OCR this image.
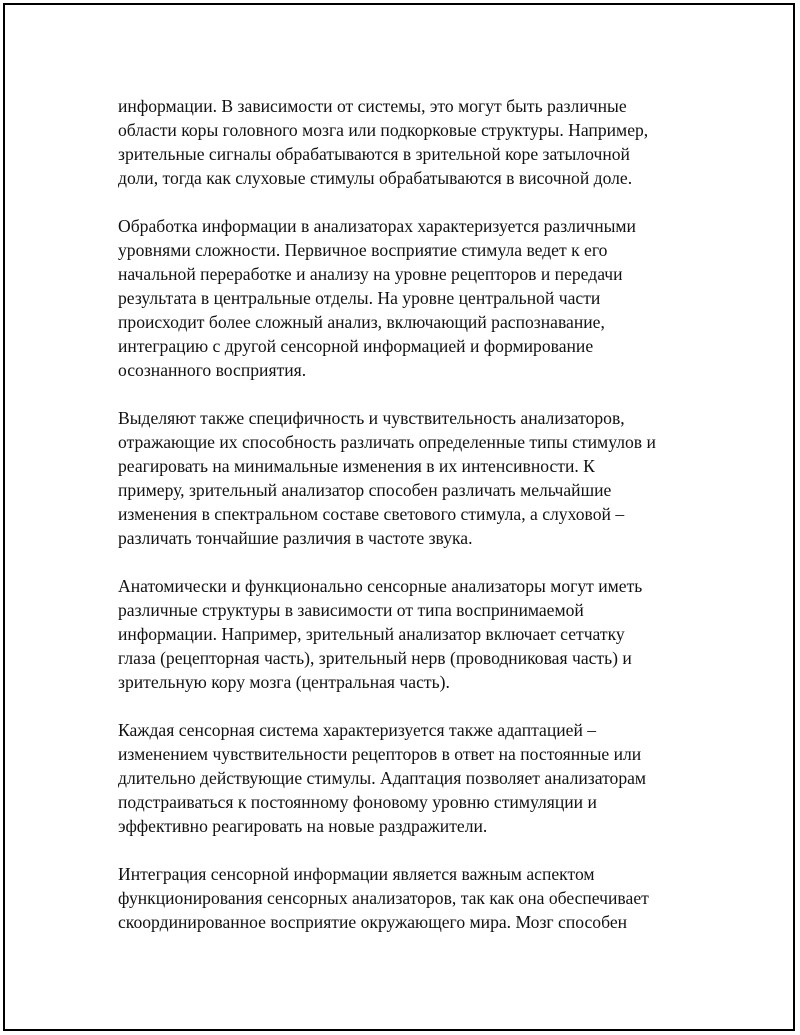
информации. В зависимости от системы, это могут быть различные
области коры головного мозга или подкорковые структуры. Например,
зрительные сигналы обрабатываются в зрительной коре затылочной
доли, тогда как слуховые стимулы обрабатываются в височной доле.

Обработка информации в анализаторах характеризуется различными
уровнями сложности. Первичное восприятие стимула ведет к его
начальной переработке и анализу на уровне рецепторов и передачи
результата в центральные отделы. На уровне центральной части
происходит более сложный анализ, включающий распознавание,
интеграцию с другой сенсорной информацией и формирование
осознанного восприятия.

Выделяют также специфичность и чувствительность анализаторов,
отражающие их способность различать определенные типы стимулов и
реагировать на минимальные изменения в их интенсивности. К
примеру, зрительный анализатор способен различать мельчайшие
изменения в спектральном составе светового стимула, а слуховой –
различать тончайшие различия в частоте звука.

Анатомически и функционально сенсорные анализаторы могут иметь
различные структуры в зависимости от типа воспринимаемой
информации. Например, зрительный анализатор включает сетчатку
глаза (рецепторная часть), зрительный нерв (проводниковая часть) и
зрительную кору мозга (центральная часть).

Каждая сенсорная система характеризуется также адаптацией –
изменением чувствительности рецепторов в ответ на постоянные или
длительно действующие стимулы. Адаптация позволяет анализаторам
подстраиваться к постоянному фоновому уровню стимуляции и
эффективно реагировать на новые раздражители.

Интеграция сенсорной информации является важным аспектом
функционирования сенсорных анализаторов, так как она обеспечивает
скоординированное восприятие окружающего мира. Мозг способен
